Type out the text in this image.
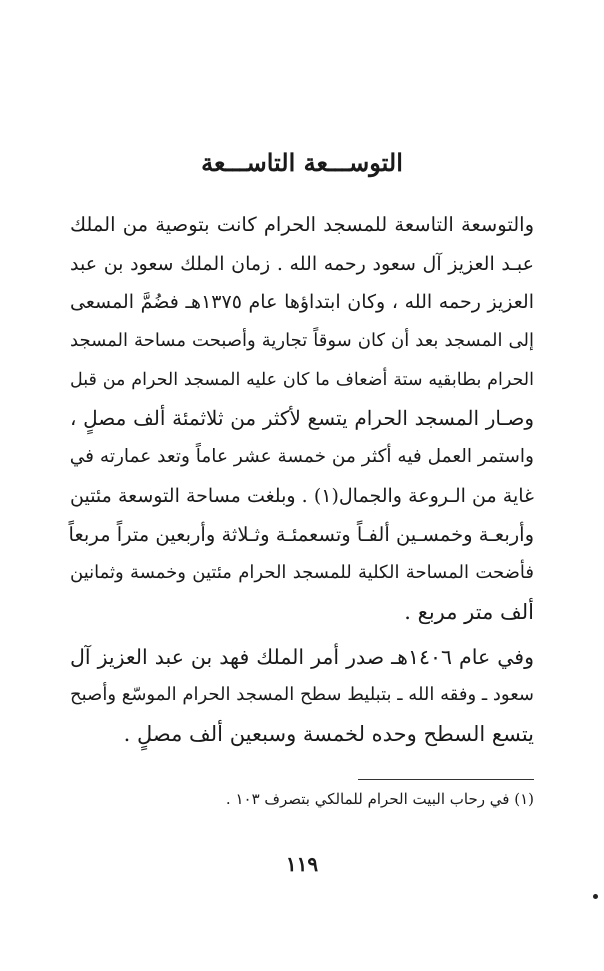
التوســـعة التاســـعة
والتوسعة التاسعة للمسجد الحرام كانت بتوصية من الملك
عبـد العزيز آل سعود رحمه الله . زمان الملك سعود بن عبد
العزيز رحمه الله ، وكان ابتداؤها عام ١٣٧٥هـ فضُمَّ المسعى
إلى المسجد بعد أن كان سوقاً تجارية وأصبحت مساحة المسجد
الحرام بطابقيه ستة أضعاف ما كان عليه المسجد الحرام من قبل
وصـار المسجد الحرام يتسع لأكثر من ثلاثمئة ألف مصلٍ ،
واستمر العمل فيه أكثر من خمسة عشر عاماً وتعد عمارته في
غاية من الـروعة والجمال(١) . وبلغت مساحة التوسعة مئتين
وأربعـة وخمسـين ألفـاً وتسعمئـة وثـلاثة وأربعين متراً مربعاً
فأضحت المساحة الكلية للمسجد الحرام مئتين وخمسة وثمانين
ألف متر مربع .
وفي عام ١٤٠٦هـ صدر أمر الملك فهد بن عبد العزيز آل
سعود ـ وفقه الله ـ بتبليط سطح المسجد الحرام الموسّع وأصبح
يتسع السطح وحده لخمسة وسبعين ألف مصلٍ .
(١) في رحاب البيت الحرام للمالكي بتصرف ١٠٣ .
١١٩
